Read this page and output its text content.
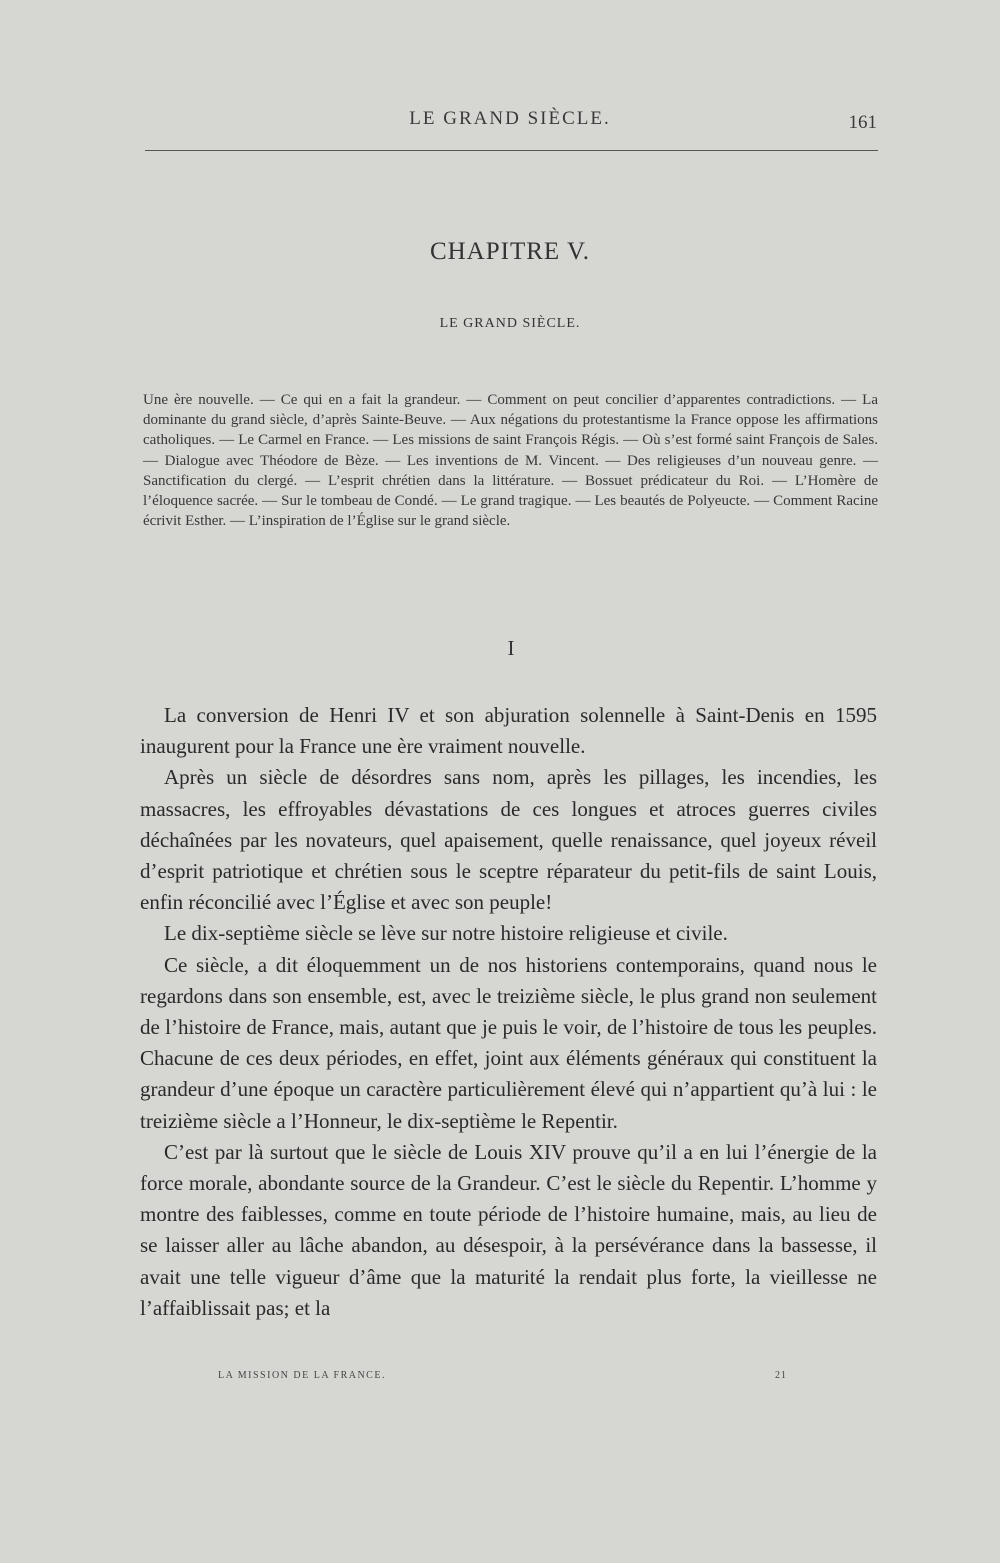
LE GRAND SIÈCLE.	161
CHAPITRE V.
LE GRAND SIÈCLE.

Une ère nouvelle. — Ce qui en a fait la grandeur. — Comment on peut concilier d’apparentes contradictions. — La dominante du grand siècle, d’après Sainte-Beuve. — Aux négations du protestantisme la France oppose les affirmations catholiques. — Le Carmel en France. — Les missions de saint François Régis. — Où s’est formé saint François de Sales. — Dialogue avec Théodore de Bèze. — Les inventions de M. Vincent. — Des religieuses d’un nouveau genre. — Sanctification du clergé. — L’esprit chrétien dans la littérature. — Bossuet prédicateur du Roi. — L’Homère de l’éloquence sacrée. — Sur le tombeau de Condé. — Le grand tragique. — Les beautés de Polyeucte. — Comment Racine écrivit Esther. — L’inspiration de l’Église sur le grand siècle.

I

La conversion de Henri IV et son abjuration solennelle à Saint-Denis en 1595 inaugurent pour la France une ère vraiment nouvelle.

Après un siècle de désordres sans nom, après les pillages, les incendies, les massacres, les effroyables dévastations de ces longues et atroces guerres civiles déchaînées par les novateurs, quel apaisement, quelle renaissance, quel joyeux réveil d’esprit patriotique et chrétien sous le sceptre réparateur du petit-fils de saint Louis, enfin réconcilié avec l’Église et avec son peuple!

Le dix-septième siècle se lève sur notre histoire religieuse et civile.

Ce siècle, a dit éloquemment un de nos historiens contemporains, quand nous le regardons dans son ensemble, est, avec le treizième siècle, le plus grand non seulement de l’histoire de France, mais, autant que je puis le voir, de l’histoire de tous les peuples. Chacune de ces deux périodes, en effet, joint aux éléments généraux qui constituent la grandeur d’une époque un caractère particulièrement élevé qui n’appartient qu’à lui : le treizième siècle a l’Honneur, le dix-septième le Repentir.

C’est par là surtout que le siècle de Louis XIV prouve qu’il a en lui l’énergie de la force morale, abondante source de la Grandeur. C’est le siècle du Repentir. L’homme y montre des faiblesses, comme en toute période de l’histoire humaine, mais, au lieu de se laisser aller au lâche abandon, au désespoir, à la persévérance dans la bassesse, il avait une telle vigueur d’âme que la maturité la rendait plus forte, la vieillesse ne l’affaiblissait pas; et la

LA MISSION DE LA FRANCE.	21
